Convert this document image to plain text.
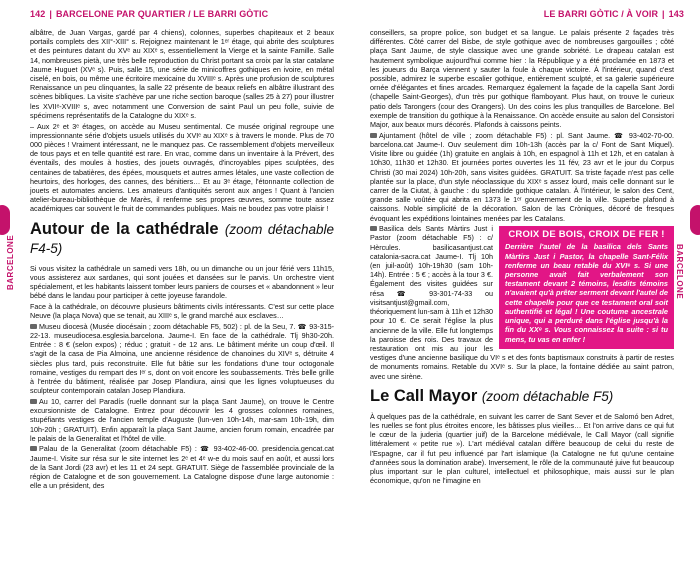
142 | BARCELONE PAR QUARTIER / LE BARRI GÒTIC
BARCELONE

albâtre, de Juan Vargas, gardé par 4 chiens), colonnes, superbes chapiteaux et 2 beaux portails complets des XII°-XIII° s. Rejoignez maintenant le 1ᵉʳ étage, qui abrite des sculptures et des peintures datant du XVᵉ au XIXᵉ s, essentiellement la Vierge et la sainte Famille. Salle 14, nombreuses pietà, une très belle reproduction du Christ portant sa croix par la star catalane Jaume Huguet (XVᵉ s). Puis, salle 15, une série de minicoffres gothiques en ivoire, en métal ciselé, en bois, ou même une écritoire mexicaine du XVIIIᵉ s. Après une profusion de sculptures Renaissance un peu clinquantes, la salle 22 présente de beaux reliefs en albâtre illustrant des scènes bibliques. La visite s'achève par une riche section baroque (salles 25 à 27) pour illustrer les XVIIᵉ-XVIIIᵉ s, avec notamment une Conversion de saint Paul un peu folle, suivie de spécimens représentatifs de la Catalogne du XIXᵉ s.

– Aux 2ᵉ et 3ᵉ étages, on accède au Museu sentimental. Ce musée original regroupe une impressionnante série d'objets usuels utilisés du XVIᵉ au XIXᵉ s à travers le monde. Plus de 70 000 pièces ! Vraiment intéressant, ne le manquez pas. Ce rassemblement d'objets merveilleux de tous pays et en telle quantité est rare. En vrac, comme dans un inventaire à la Prévert, des éventails, des moules à hosties, des jouets ouvragés, d'incroyables pipes sculptées, des centaines de tabatières, des épées, mousquets et autres armes létales, une vaste collection de heurtoirs, des horloges, des cannes, des bénitiers… Et au 3ᵉ étage, l'étonnante collection de jouets et automates anciens. Les amateurs d'antiquités seront aux anges ! Quant à l'ancien atelier-bureau-bibliothèque de Marès, il renferme ses propres œuvres, somme toute assez académiques car souvent le fruit de commandes publiques. Mais ne boudez pas votre plaisir !

Autour de la cathédrale (zoom détachable F4-5)

Si vous visitez la cathédrale un samedi vers 18h, ou un dimanche ou un jour férié vers 11h15, vous assisterez aux sardanes, qui sont jouées et dansées sur le parvis. Un orchestre vient spécialement, et les habitants laissent tomber leurs paniers de courses et « abandonnent » leur bébé dans le landau pour participer à cette joyeuse farandole.

Face à la cathédrale, on découvre plusieurs bâtiments civils intéressants. C'est sur cette place Neuve (la plaça Nova) que se tenait, au XIIIᵉ s, le grand marché aux esclaves…

Museu diocesà (Musée diocésain ; zoom détachable F5, 502) : pl. de la Seu, 7. ☎ 93-315-22-13. museudiocesa.esglesia.barcelona. Jaume-I. En face de la cathédrale. Tlj 9h30-20h. Entrée : 8 € (selon expos) ; réduc ; gratuit - de 12 ans. Le bâtiment mérite un coup d'œil. Il s'agit de la casa de Pia Almoina, une ancienne résidence de chanoines du XIVᵉ s, détruite 4 siècles plus tard, puis reconstruite. Elle fut bâtie sur les fondations d'une tour octogonale romaine, vestiges du rempart des Iᵉʳ s, dont on voit encore les soubassements. Très belle grille à l'entrée du bâtiment, réalisée par Josep Plandiura, ainsi que les lignes voluptueuses du sculpteur contemporain catalan Josep Plandiura.

Au 10, carrer del Paradís (ruelle donnant sur la plaça Sant Jaume), on trouve le Centre excursionniste de Catalogne. Entrez pour découvrir les 4 grosses colonnes romaines, stupéfiants vestiges de l'ancien temple d'Auguste (lun-ven 10h-14h, mar-sam 10h-19h, dim 10h-20h ; GRATUIT). Enfin apparaît la plaça Sant Jaume, ancien forum romain, encadrée par le palais de la Generalitat et l'hôtel de ville.

Palau de la Generalitat (zoom détachable F5) : ☎ 93-402-46-00. presidencia.gencat.cat Jaume-I. Visite sur résa sur le site internet les 2ᵉ et 4ᵉ w-e du mois sauf en août, et aussi lors de la Sant Jordi (23 avr) et les 11 et 24 sept. GRATUIT. Siège de l'assemblée provinciale de la région de Catalogne et de son gouvernement. La Catalogne dispose d'une large autonomie : elle a un président, des

LE BARRI GÒTIC / À VOIR | 143
BARCELONE

conseillers, sa propre police, son budget et sa langue. Le palais présente 2 façades très différentes. Côté carrer del Bisbe, de style gothique avec de nombreuses gargouilles ; côté plaça Sant Jaume, de style classique avec une grande sobriété. Le drapeau catalan est hautement symbolique aujourd'hui comme hier : la République y a été proclamée en 1873 et les joueurs du Barça viennent y sauter la foule à chaque victoire. À l'intérieur, quand c'est possible, admirez le superbe escalier gothique, entièrement sculpté, et sa galerie supérieure ornée d'élégantes et fines arcades. Remarquez également la façade de la capella Sant Jordi (chapelle Saint-Georges), d'un très pur gothique flamboyant. Plus haut, on trouve le curieux patio dels Tarongers (cour des Orangers). Un des coins les plus tranquilles de Barcelone. Bel exemple de transition du gothique à la Renaissance. On accède ensuite au salon del Consistori Major, aux beaux murs décorés. Plafonds à caissons peints.

Ajuntament (hôtel de ville ; zoom détachable F5) : pl. Sant Jaume. ☎ 93-402-70-00. barcelona.cat Jaume-I. Ouv seulement dim 10h-13h (accès par la c/ Font de Sant Miquel). Visite libre ou guidée (1h) gratuite en anglais à 10h, en espagnol à 11h et 12h, et en catalan à 10h30, 11h30 et 12h30. Et journées portes ouvertes les 11 fév, 23 avr et le jour du Corpus Christi (30 mai 2024) 10h-20h, sans visites guidées. GRATUIT. Sa triste façade n'est pas celle plantée sur la place, d'un style néoclassique du XIXᵉ s assez lourd, mais celle donnant sur le carrer de la Ciutat, à gauche : du splendide gothique catalan. À l'intérieur, le salon des Cent, grande salle voûtée qui abrita en 1373 le 1ᵉʳ gouvernement de la ville. Superbe plafond à caissons. Noble simplicité de la décoration. Salon de las Cròniques, décoré de fresques évoquant les expéditions lointaines menées par les Catalans.

CROIX DE BOIS, CROIX DE FER !
Derrière l'autel de la basilica dels Sants Màrtirs Just i Pastor, la chapelle Sant-Félix renferme un beau retable du XVIᵉ s. Si une personne avait fait verbalement son testament devant 2 témoins, lesdits témoins n'avaient qu'à prêter serment devant l'autel de cette chapelle pour que ce testament oral soit authentifié et légal ! Une coutume ancestrale unique, qui a perduré dans l'église jusqu'à la fin du XXᵉ s. Vous connaissez la suite : si tu mens, tu vas en enfer !

Basilica dels Sants Màrtirs Just i Pastor (zoom détachable F5) : c/ Hèrcules. basilicasantjust.cat catalonia-sacra.cat Jaume-I. Tlj 10h (en juil-août) 10h-19h30 (sam 10h-14h). Entrée : 5 € ; accès à la tour 3 €. Également des visites guidées sur résa ☎ 93-301-74-33 ou visitsantjust@gmail.com, théoriquement lun-sam à 11h et 12h30 pour 10 €. Ce serait l'église la plus ancienne de la ville. Elle fut longtemps la paroisse des rois. Des travaux de restauration ont mis au jour les vestiges d'une ancienne basilique du VIᵉ s et des fonts baptismaux construits à partir de restes de monuments romains. Retable du XVIᵉ s. Sur la place, la fontaine dédiée au saint patron, avec une sirène.

Le Call Mayor (zoom détachable F5)

À quelques pas de la cathédrale, en suivant les carrer de Sant Sever et de Salomó ben Adret, les ruelles se font plus étroites encore, les bâtisses plus vieilles… Et l'on arrive dans ce qui fut le cœur de la juderia (quartier juif) de la Barcelone médiévale, le Call Mayor (call signifie littéralement « petite rue »). L'art médiéval catalan diffère beaucoup de celui du reste de l'Espagne, car il fut peu influencé par l'art islamique (la Catalogne ne fut qu'une centaine d'années sous la domination arabe). Inversement, le rôle de la communauté juive fut beaucoup plus important sur le plan culturel, intellectuel et philosophique, mais aussi sur le plan économique, qu'on ne l'imagine en
